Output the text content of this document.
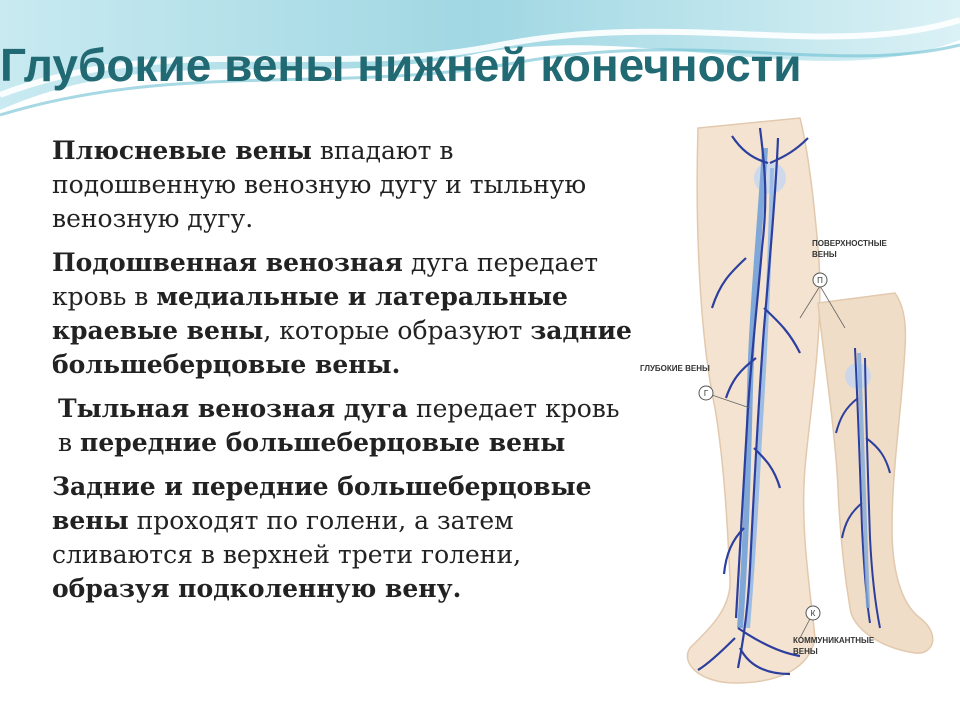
Глубокие вены нижней конечности

Плюсневые вены впадают в подошвенную венозную дугу и тыльную венозную дугу.

Подошвенная венозная дуга передает кровь в медиальные и латеральные краевые вены, которые образуют задние большеберцовые вены.

Тыльная венозная дуга передает кровь в передние большеберцовые вены

Задние и передние большеберцовые вены проходят по голени, а затем сливаются в верхней трети голени, образуя подколенную вену.

П
Г
К
ПОВЕРХНОСТНЫЕ
ВЕНЫ
ГЛУБОКИЕ ВЕНЫ
КОММУНИКАНТНЫЕ
ВЕНЫ
